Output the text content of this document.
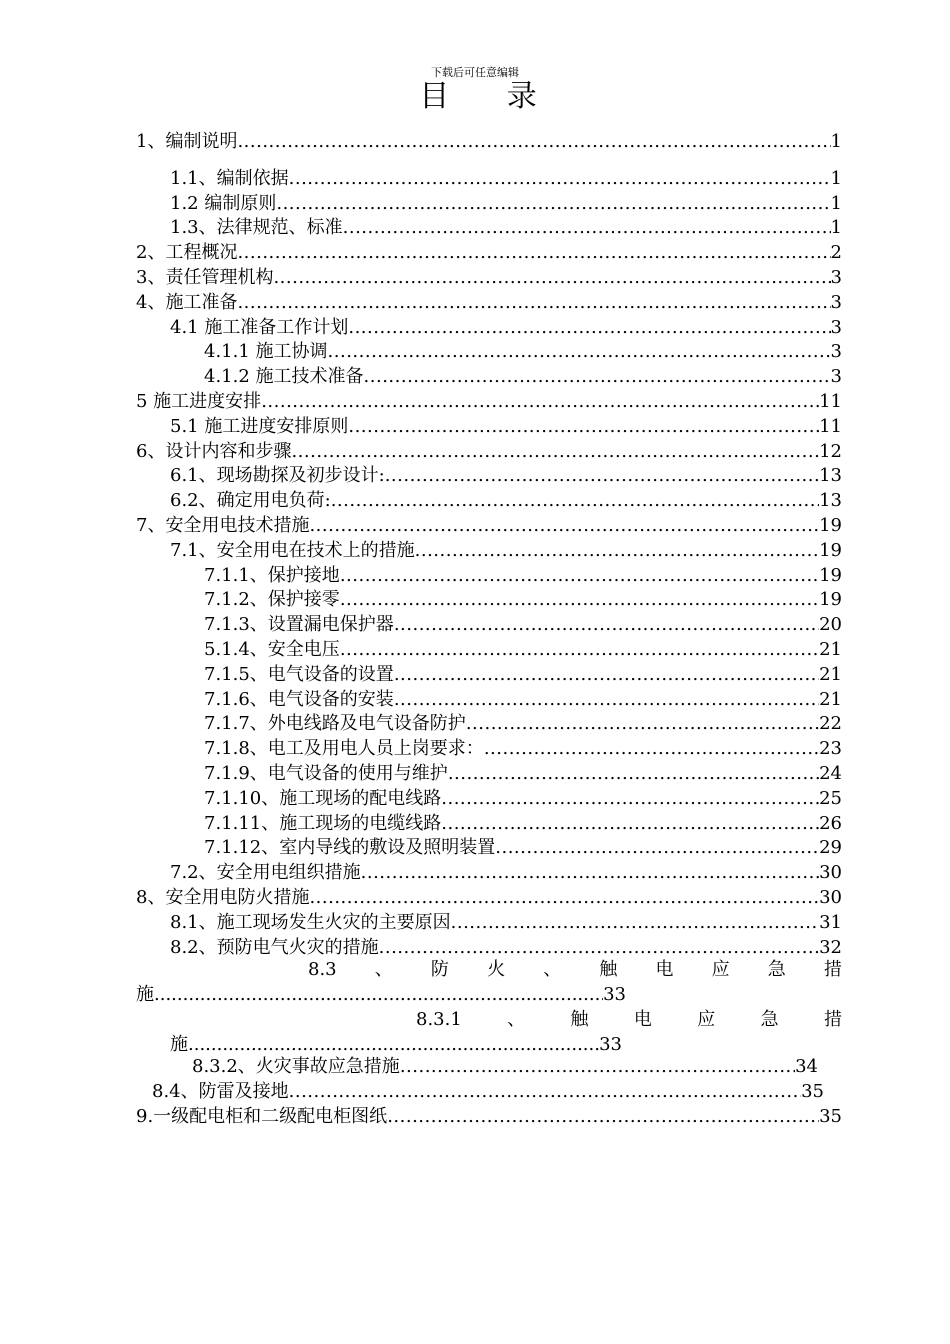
下载后可任意编辑
目 录
1、编制说明 .....	1
1.1、编制依据 .....	1
1.2 编制原则 .....	1
1.3、法律规范、标准 .....	1
2、工程概况 .....	2
3、责任管理机构 .....	3
4、施工准备 .....	3
4.1 施工准备工作计划 .....	3
4.1.1 施工协调 .....	3
4.1.2 施工技术准备 .....	3
5 施工进度安排 .....	11
5.1 施工进度安排原则 .....	11
6、设计内容和步骤 .....	12
6.1、现场勘探及初步设计: .....	13
6.2、确定用电负荷: .....	13
7、安全用电技术措施 .....	19
7.1、安全用电在技术上的措施 .....	19
7.1.1、保护接地 .....	19
7.1.2、保护接零 .....	19
7.1.3、设置漏电保护器 .....	20
5.1.4、安全电压 .....	21
7.1.5、电气设备的设置 .....	21
7.1.6、电气设备的安装 .....	21
7.1.7、外电线路及电气设备防护 .....	22
7.1.8、电工及用电人员上岗要求： .....	23
7.1.9、电气设备的使用与维护 .....	24
7.1.10、施工现场的配电线路 .....	25
7.1.11、施工现场的电缆线路 .....	26
7.1.12、室内导线的敷设及照明装置 .....	29
7.2、安全用电组织措施 .....	30
8、安全用电防火措施 .....	30
8.1、施工现场发生火灾的主要原因 .....	31
8.2、预防电气火灾的措施 .....	32
8.3 、 防 火 、 触 电 应 急 措
施. .....	33
8.3.1	、	触	电	应	急	措
施 .....	33
8.3.2、火灾事故应急措施 .....	34
8.4、防雷及接地 .....	35
9.一级配电柜和二级配电柜图纸 .....	35
